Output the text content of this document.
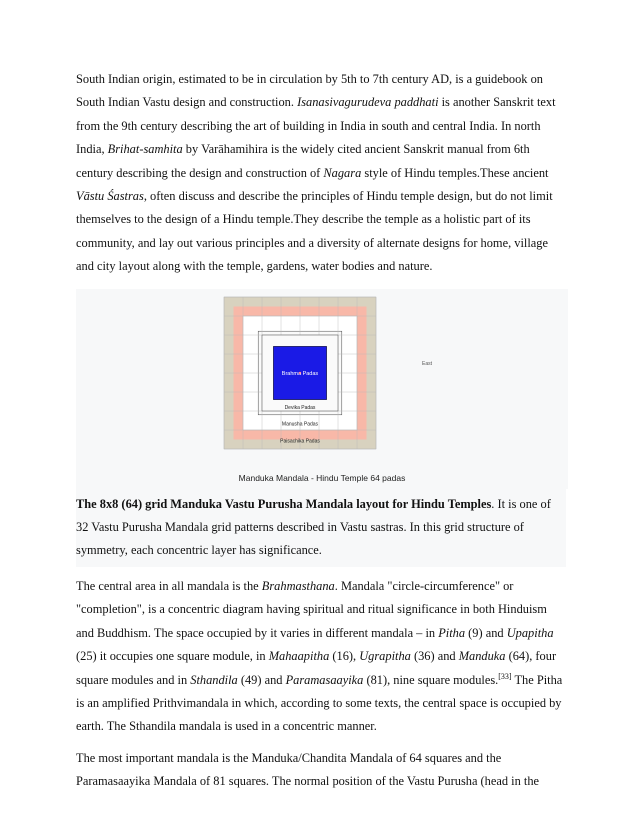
South Indian origin, estimated to be in circulation by 5th to 7th century AD, is a guidebook on South Indian Vastu design and construction. Isanasivagurudeva paddhati is another Sanskrit text from the 9th century describing the art of building in India in south and central India. In north India, Brihat-samhita by Varāhamihira is the widely cited ancient Sanskrit manual from 6th century describing the design and construction of Nagara style of Hindu temples.These ancient Vāstu Śastras, often discuss and describe the principles of Hindu temple design, but do not limit themselves to the design of a Hindu temple.They describe the temple as a holistic part of its community, and lay out various principles and a diversity of alternate designs for home, village and city layout along with the temple, gardens, water bodies and nature.

Brahma Padas
Devika Padas
Manusha Padas
Paisachika Padas
East
Manduka Mandala - Hindu Temple 64 padas

The 8x8 (64) grid Manduka Vastu Purusha Mandala layout for Hindu Temples. It is one of 32 Vastu Purusha Mandala grid patterns described in Vastu sastras. In this grid structure of symmetry, each concentric layer has significance.

The central area in all mandala is the Brahmasthana. Mandala "circle-circumference" or "completion", is a concentric diagram having spiritual and ritual significance in both Hinduism and Buddhism. The space occupied by it varies in different mandala – in Pitha (9) and Upapitha (25) it occupies one square module, in Mahaapitha (16), Ugrapitha (36) and Manduka (64), four square modules and in Sthandila (49) and Paramasaayika (81), nine square modules.[33] The Pitha is an amplified Prithvimandala in which, according to some texts, the central space is occupied by earth. The Sthandila mandala is used in a concentric manner.

The most important mandala is the Manduka/Chandita Mandala of 64 squares and the Paramasaayika Mandala of 81 squares. The normal position of the Vastu Purusha (head in the
